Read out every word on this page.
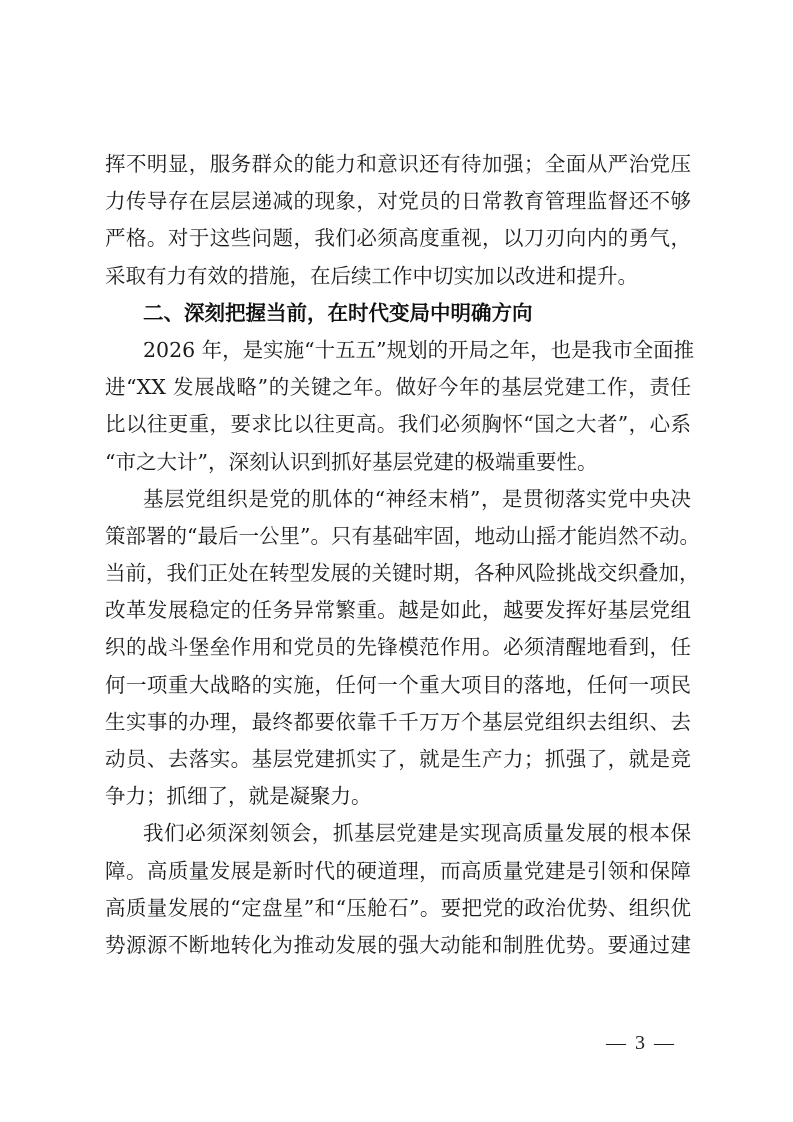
挥不明显，服务群众的能力和意识还有待加强；全面从严治党压
力传导存在层层递减的现象，对党员的日常教育管理监督还不够
严格。对于这些问题，我们必须高度重视，以刀刃向内的勇气，
采取有力有效的措施，在后续工作中切实加以改进和提升。
二、深刻把握当前，在时代变局中明确方向
2026 年，是实施“十五五”规划的开局之年，也是我市全面推
进“XX 发展战略”的关键之年。做好今年的基层党建工作，责任
比以往更重，要求比以往更高。我们必须胸怀“国之大者”，心系
“市之大计”，深刻认识到抓好基层党建的极端重要性。
基层党组织是党的肌体的“神经末梢”，是贯彻落实党中央决
策部署的“最后一公里”。只有基础牢固，地动山摇才能岿然不动。
当前，我们正处在转型发展的关键时期，各种风险挑战交织叠加，
改革发展稳定的任务异常繁重。越是如此，越要发挥好基层党组
织的战斗堡垒作用和党员的先锋模范作用。必须清醒地看到，任
何一项重大战略的实施，任何一个重大项目的落地，任何一项民
生实事的办理，最终都要依靠千千万万个基层党组织去组织、去
动员、去落实。基层党建抓实了，就是生产力；抓强了，就是竞
争力；抓细了，就是凝聚力。
我们必须深刻领会，抓基层党建是实现高质量发展的根本保
障。高质量发展是新时代的硬道理，而高质量党建是引领和保障
高质量发展的“定盘星”和“压舱石”。要把党的政治优势、组织优
势源源不断地转化为推动发展的强大动能和制胜优势。要通过建
— 3 —
